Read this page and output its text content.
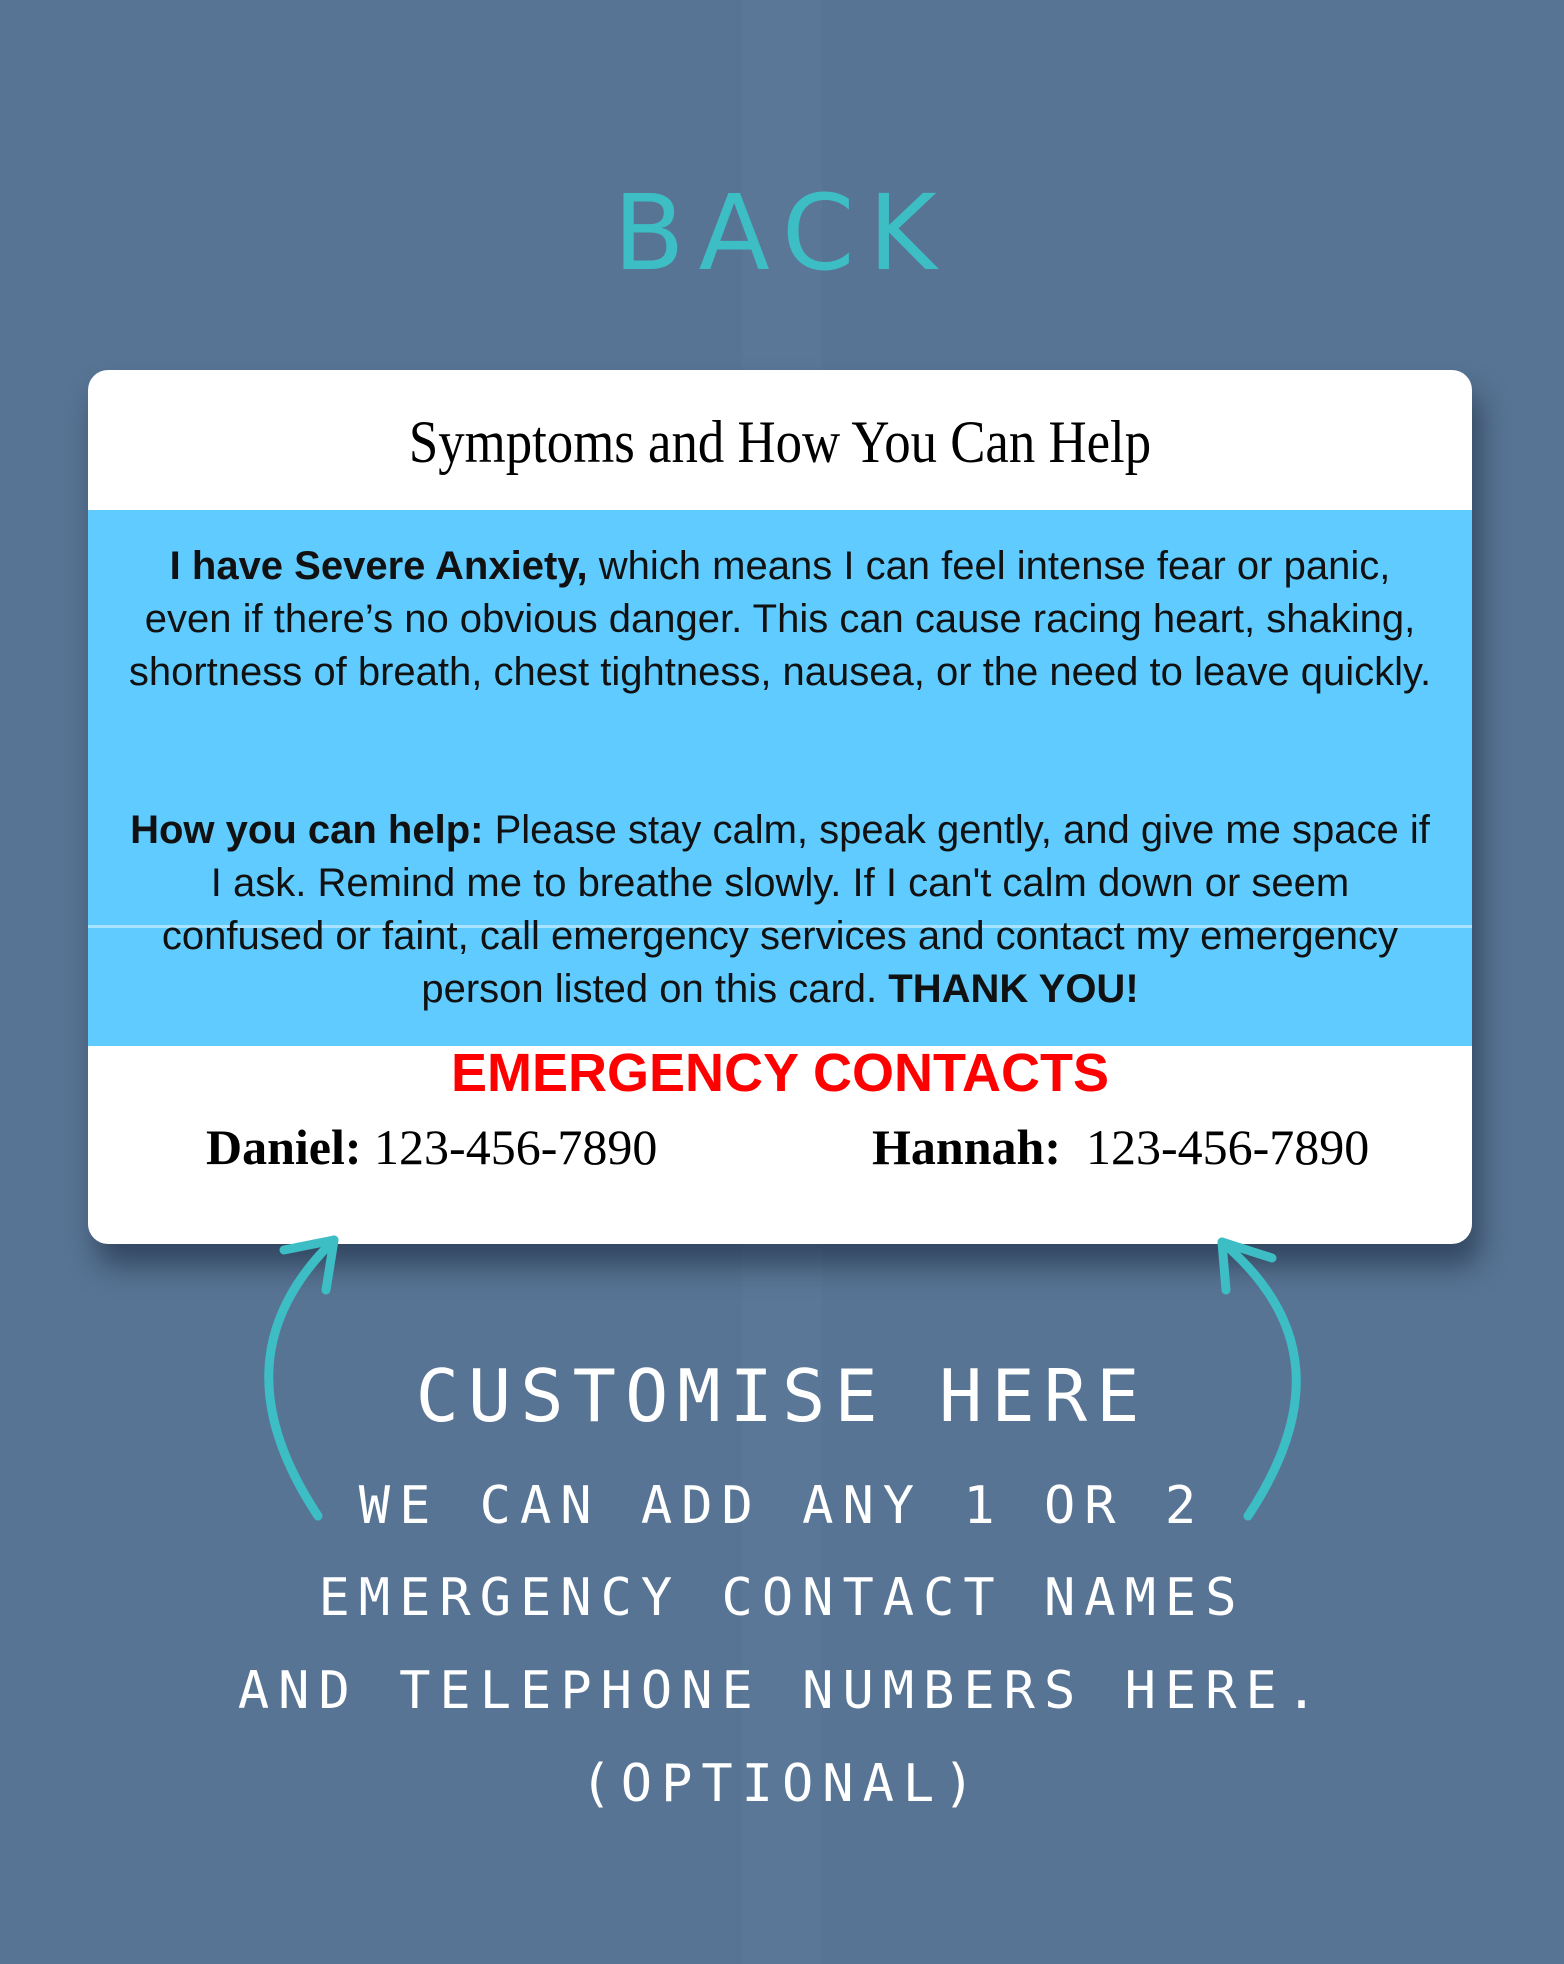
BACK
Symptoms and How You Can Help
I have Severe Anxiety, which means I can feel intense fear or panic, even if there’s no obvious danger. This can cause racing heart, shaking, shortness of breath, chest tightness, nausea, or the need to leave quickly.
How you can help: Please stay calm, speak gently, and give me space if I ask. Remind me to breathe slowly. If I can't calm down or seem confused or faint, call emergency services and contact my emergency person listed on this card. THANK YOU!
EMERGENCY CONTACTS
Daniel: 123-456-7890	Hannah: 123-456-7890
CUSTOMISE HERE
WE CAN ADD ANY 1 OR 2
EMERGENCY CONTACT NAMES
AND TELEPHONE NUMBERS HERE.
(OPTIONAL)
